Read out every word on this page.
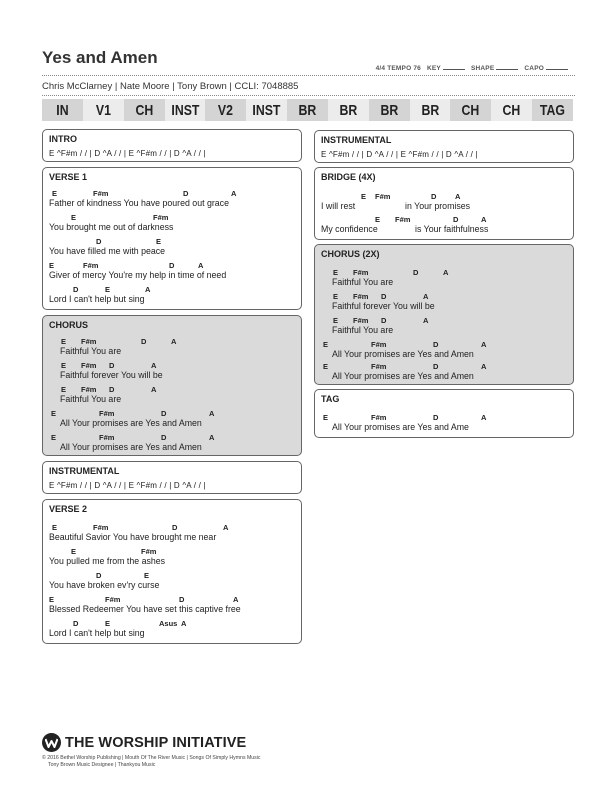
Yes and Amen
4/4 TEMPO 76 KEY	SHAPE	CAPO
Chris McClarney | Nate Moore | Tony Brown | CCLI: 7048885
IN	V1	CH	INST	V2	INST	BR	BR	BR	BR	CH	CH	TAG
INTRO
E ^F#m / / | D ^A / / | E ^F#m / / | D ^A / / |
VERSE 1
E	F#m	D	A
Father of kindness You have poured out grace
E	F#m
You brought me out of darkness
D	E
You have filled me with peace
E	F#m	D	A
Giver of mercy You're my help in time of need
D	E	A
Lord I can't help but sing
CHORUS
E F#m	D	A
Faithful You are
E F#m D	A
Faithful forever You will be
E F#m D	A
Faithful You are
E	F#m	D	A
All Your promises are Yes and Amen
E	F#m	D	A
All Your promises are Yes and Amen
INSTRUMENTAL
E ^F#m / / | D ^A / / | E ^F#m / / | D ^A / / |
VERSE 2
E	F#m	D	A
Beautiful Savior You have brought me near
E	F#m
You pulled me from the ashes
D	E
You have broken ev'ry curse
E	F#m	D	A
Blessed Redeemer You have set this captive free
D	E	Asus A
Lord I can't help but sing
INSTRUMENTAL
E ^F#m / / | D ^A / / | E ^F#m / / | D ^A / / |
BRIDGE (4X)
E F#m	D A
I will rest	in Your promises
E F#m	D	A
My confidence	is Your faithfulness
CHORUS (2X)
E F#m	D	A
Faithful You are
E F#m D	A
Faithful forever You will be
E F#m D	A
Faithful You are
E	F#m	D	A
All Your promises are Yes and Amen
E	F#m	D	A
All Your promises are Yes and Amen
TAG
E	F#m	D	A
All Your promises are Yes and Ame
THE WORSHIP INITIATIVE
© 2016 Bethel Worship Publishing | Mouth Of The River Music | Songs Of Simply Hymns Music
Tony Brown Music Designee | Thankyou Music
